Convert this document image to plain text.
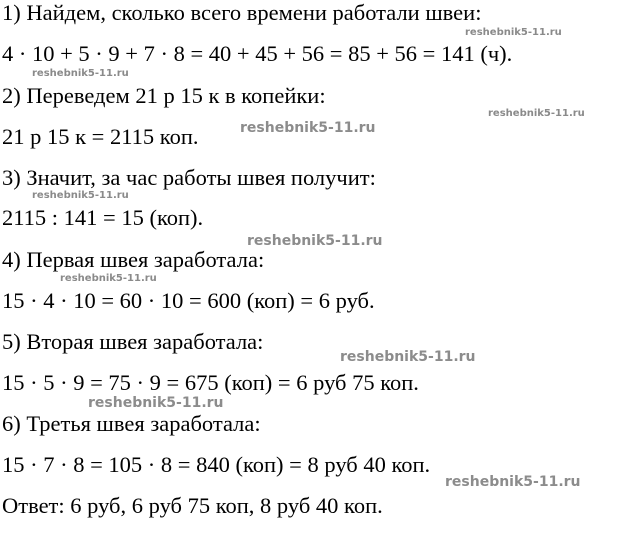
1) Найдем, сколько всего времени работали швеи:
4 · 10 + 5 · 9 + 7 · 8 = 40 + 45 + 56 = 85 + 56 = 141 (ч).
2) Переведем 21 р 15 к в копейки:
21 р 15 к = 2115 коп.
3) Значит, за час работы швея получит:
2115 : 141 = 15 (коп).
4) Первая швея заработала:
15 · 4 · 10 = 60 · 10 = 600 (коп) = 6 руб.
5) Вторая швея заработала:
15 · 5 · 9 = 75 · 9 = 675 (коп) = 6 руб 75 коп.
6) Третья швея заработала:
15 · 7 · 8 = 105 · 8 = 840 (коп) = 8 руб 40 коп.
Ответ: 6 руб, 6 руб 75 коп, 8 руб 40 коп.
reshebnik5-11.ru
reshebnik5-11.ru
reshebnik5-11.ru
reshebnik5-11.ru
reshebnik5-11.ru
reshebnik5-11.ru
reshebnik5-11.ru
reshebnik5-11.ru
reshebnik5-11.ru
reshebnik5-11.ru
